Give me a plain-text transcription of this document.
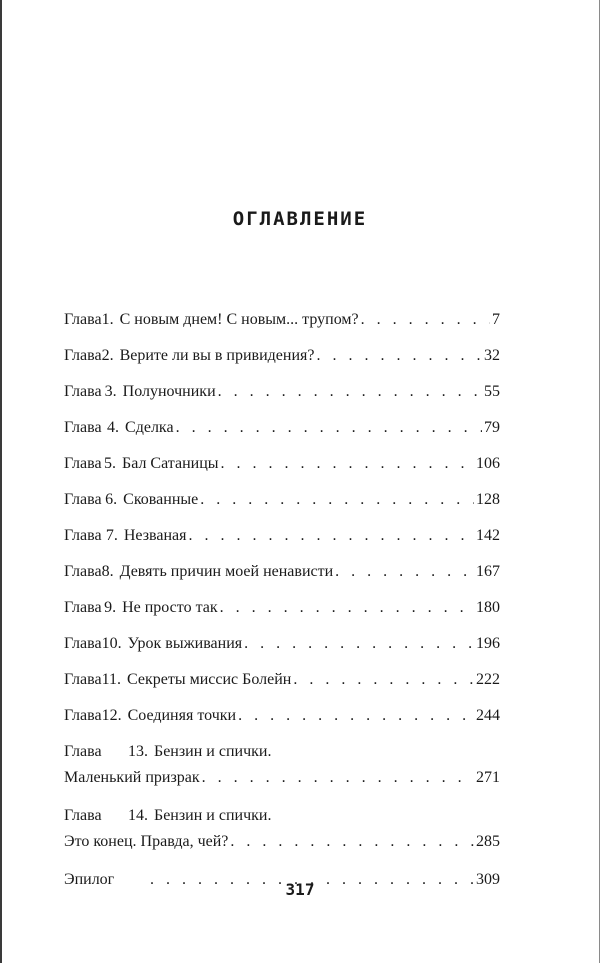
ОГЛАВЛЕНИЕ
Глава 1. С новым днем! С новым... трупом? . . .	7
Глава 2. Верите ли вы в привидения? . . .	32
Глава 3. Полуночники . . .	55
Глава 4. Сделка . . .	79
Глава 5. Бал Сатаницы . . .	106
Глава 6. Скованные . . .	128
Глава 7. Незваная . . .	142
Глава 8. Девять причин моей ненависти . . .	167
Глава 9. Не просто так . . .	180
Глава 10. Урок выживания . . .	196
Глава 11. Секреты миссис Болейн . . .	222
Глава 12. Соединяя точки . . .	244
Глава	13. Бензин и спички.
Маленький призрак . . .	271
Глава	14. Бензин и спички.
Это конец. Правда, чей? . . .	285
Эпилог . . .	309
317
